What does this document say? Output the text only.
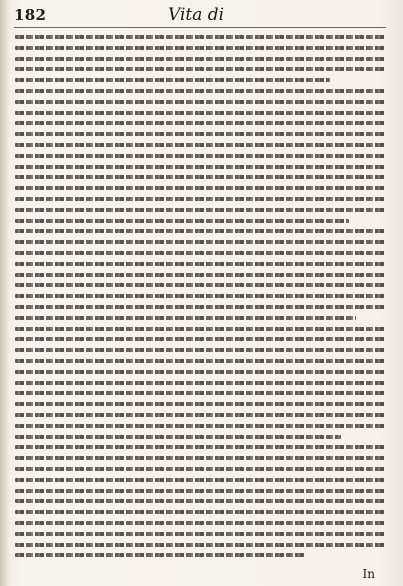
182	Vita di
In
